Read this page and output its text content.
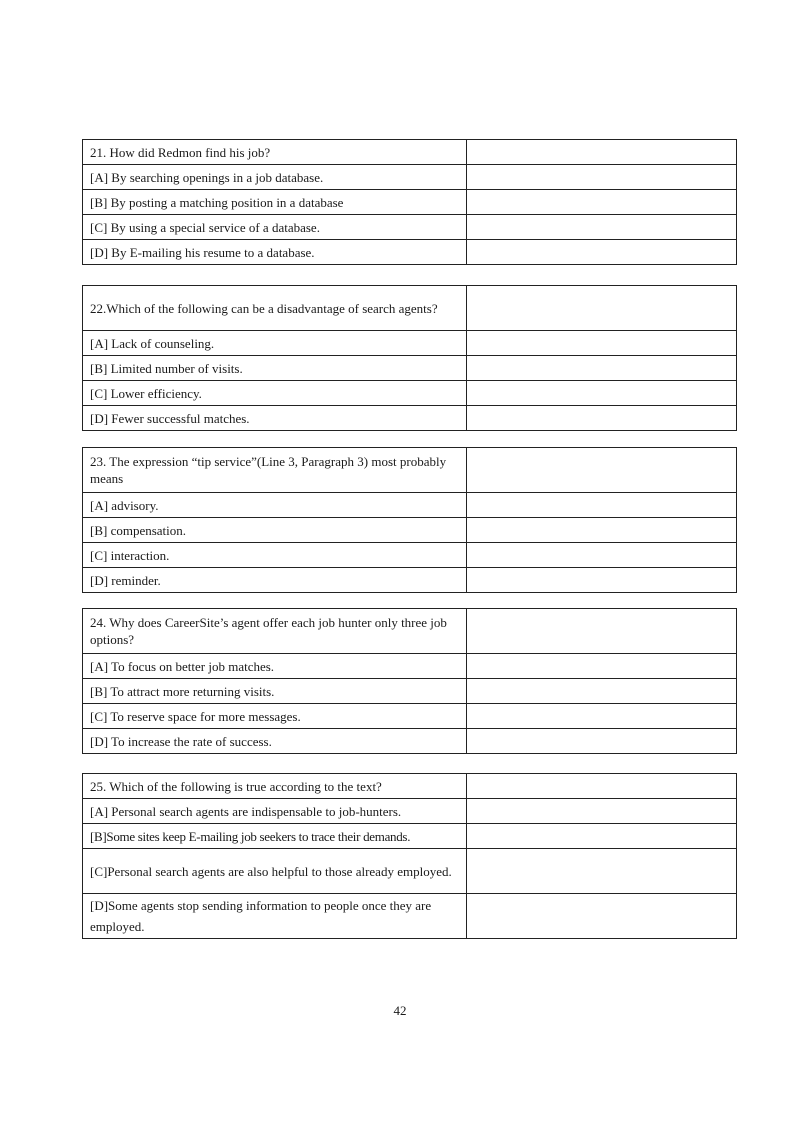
21. How did Redmon find his job?	
[A] By searching openings in a job database.	
[B] By posting a matching position in a database	
[C] By using a special service of a database.	
[D] By E-mailing his resume to a database.	
22.Which of the following can be a disadvantage of search agents?	
[A] Lack of counseling.	
[B] Limited number of visits.	
[C] Lower efficiency.	
[D] Fewer successful matches.	
23. The expression “tip service”(Line 3, Paragraph 3) most probably means	
[A] advisory.	
[B] compensation.	
[C] interaction.	
[D] reminder.	
24. Why does CareerSite’s agent offer each job hunter only three job options?	
[A] To focus on better job matches.	
[B] To attract more returning visits.	
[C] To reserve space for more messages.	
[D] To increase the rate of success.	
25. Which of the following is true according to the text?	
[A] Personal search agents are indispensable to job-hunters.	
[B]Some sites keep E-mailing job seekers to trace their demands.	
[C]Personal search agents are also helpful to those already employed.	
[D]Some agents stop sending information to people once they are employed.	
42
